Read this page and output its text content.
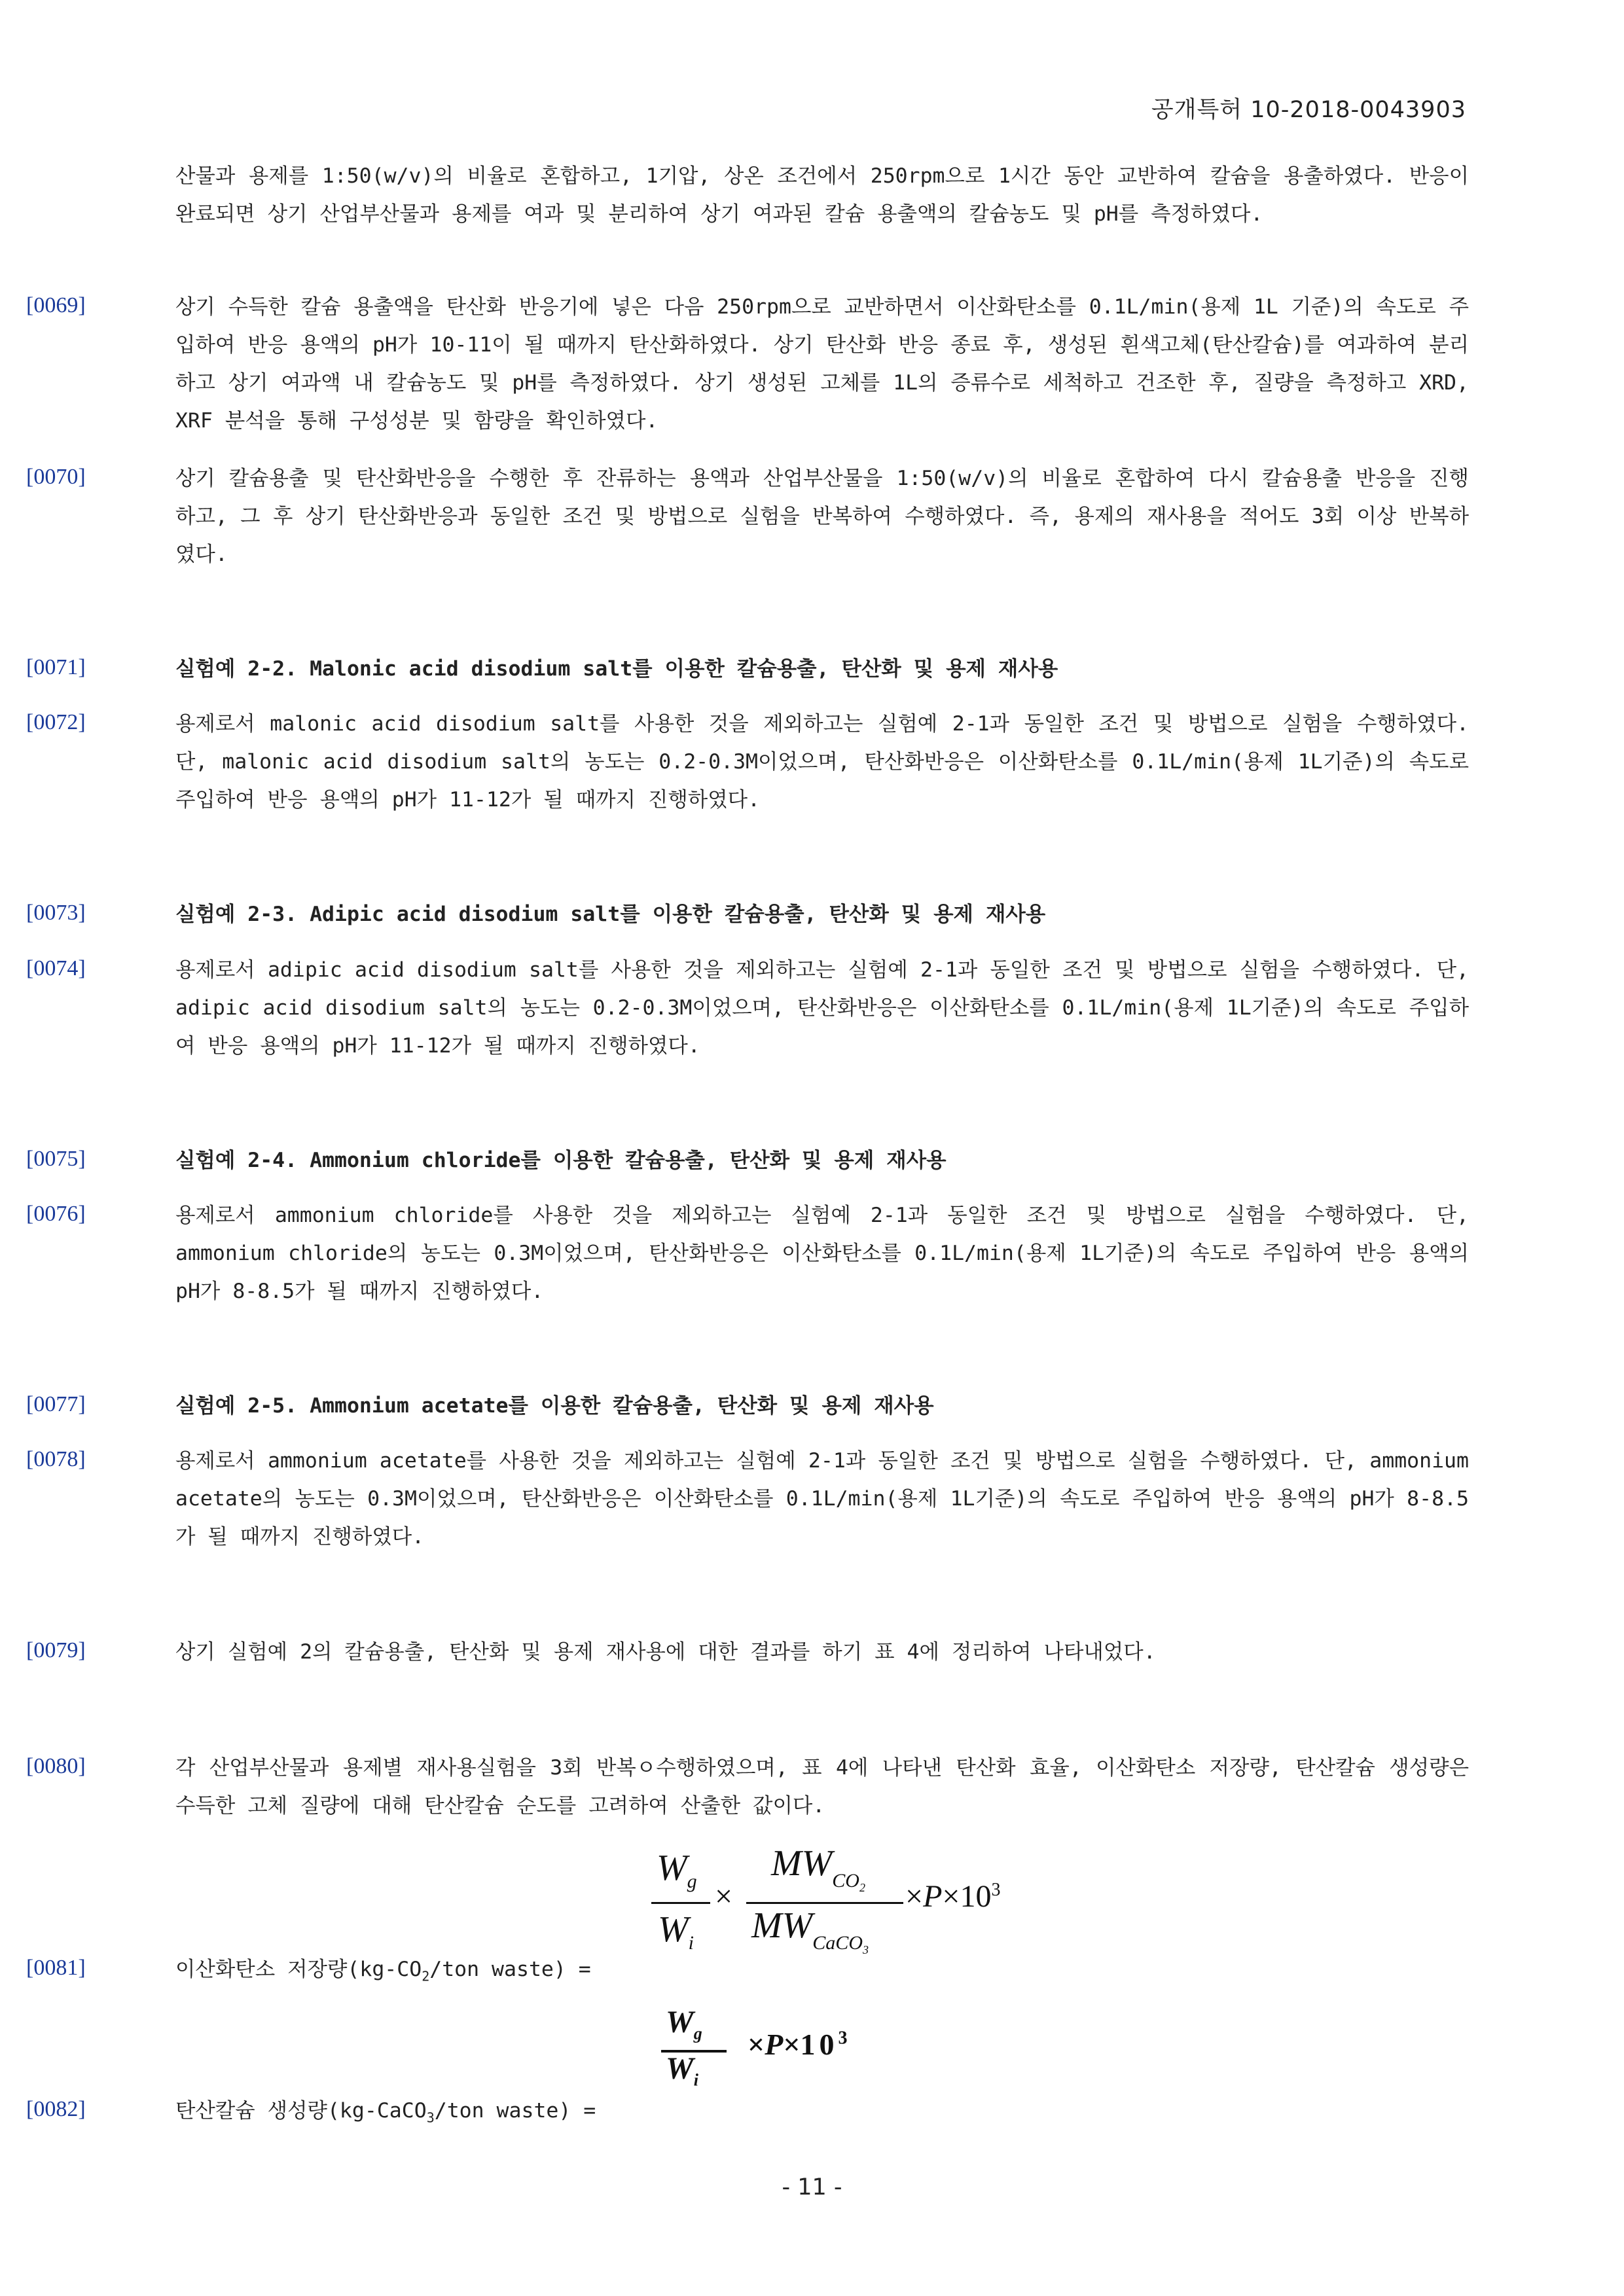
공개특허 10-2018-0043903
산물과 용제를 1:50(w/v)의 비율로 혼합하고, 1기압, 상온 조건에서 250rpm으로 1시간 동안 교반하여 칼슘을 용출하였다. 반응이 완료되면 상기 산업부산물과 용제를 여과 및 분리하여 상기 여과된 칼슘 용출액의 칼슘농도 및 pH를 측정하였다.
[0069]	상기 수득한 칼슘 용출액을 탄산화 반응기에 넣은 다음 250rpm으로 교반하면서 이산화탄소를 0.1L/min(용제 1L 기준)의 속도로 주입하여 반응 용액의 pH가 10-11이 될 때까지 탄산화하였다. 상기 탄산화 반응 종료 후, 생성된 흰색고체(탄산칼슘)를 여과하여 분리하고 상기 여과액 내 칼슘농도 및 pH를 측정하였다. 상기 생성된 고체를 1L의 증류수로 세척하고 건조한 후, 질량을 측정하고 XRD, XRF 분석을 통해 구성성분 및 함량을 확인하였다.
[0070]	상기 칼슘용출 및 탄산화반응을 수행한 후 잔류하는 용액과 산업부산물을 1:50(w/v)의 비율로 혼합하여 다시 칼슘용출 반응을 진행하고, 그 후 상기 탄산화반응과 동일한 조건 및 방법으로 실험을 반복하여 수행하였다. 즉, 용제의 재사용을 적어도 3회 이상 반복하였다.
[0071]	실험예 2-2. Malonic acid disodium salt를 이용한 칼슘용출, 탄산화 및 용제 재사용
[0072]	용제로서 malonic acid disodium salt를 사용한 것을 제외하고는 실험예 2-1과 동일한 조건 및 방법으로 실험을 수행하였다. 단, malonic acid disodium salt의 농도는 0.2-0.3M이었으며, 탄산화반응은 이산화탄소를 0.1L/min(용제 1L기준)의 속도로 주입하여 반응 용액의 pH가 11-12가 될 때까지 진행하였다.
[0073]	실험예 2-3. Adipic acid disodium salt를 이용한 칼슘용출, 탄산화 및 용제 재사용
[0074]	용제로서 adipic acid disodium salt를 사용한 것을 제외하고는 실험예 2-1과 동일한 조건 및 방법으로 실험을 수행하였다. 단, adipic acid disodium salt의 농도는 0.2-0.3M이었으며, 탄산화반응은 이산화탄소를 0.1L/min(용제 1L기준)의 속도로 주입하여 반응 용액의 pH가 11-12가 될 때까지 진행하였다.
[0075]	실험예 2-4. Ammonium chloride를 이용한 칼슘용출, 탄산화 및 용제 재사용
[0076]	용제로서 ammonium chloride를 사용한 것을 제외하고는 실험예 2-1과 동일한 조건 및 방법으로 실험을 수행하였다. 단, ammonium chloride의 농도는 0.3M이었으며, 탄산화반응은 이산화탄소를 0.1L/min(용제 1L기준)의 속도로 주입하여 반응 용액의 pH가 8-8.5가 될 때까지 진행하였다.
[0077]	실험예 2-5. Ammonium acetate를 이용한 칼슘용출, 탄산화 및 용제 재사용
[0078]	용제로서 ammonium acetate를 사용한 것을 제외하고는 실험예 2-1과 동일한 조건 및 방법으로 실험을 수행하였다. 단, ammonium acetate의 농도는 0.3M이었으며, 탄산화반응은 이산화탄소를 0.1L/min(용제 1L기준)의 속도로 주입하여 반응 용액의 pH가 8-8.5가 될 때까지 진행하였다.
[0079]	상기 실험예 2의 칼슘용출, 탄산화 및 용제 재사용에 대한 결과를 하기 표 4에 정리하여 나타내었다.
[0080]	각 산업부산물과 용제별 재사용실험을 3회 반복ㅇ수행하였으며, 표 4에 나타낸 탄산화 효율, 이산화탄소 저장량, 탄산칼슘 생성량은 수득한 고체 질량에 대해 탄산칼슘 순도를 고려하여 산출한 값이다.
[0081]	이산화탄소 저장량($kg-CO_2$/ton waste) =
$W_g$
$W_i$
×
$MW_{CO_2}$
$MW_{CaCO_3}$
$\times P\times 10^3$
[0082]	탄산칼슘 생성량(kg-CaCO$_3$/ton waste) =
$W_g$
$W_i$
$\times P\times 10^3$
- 11 -
